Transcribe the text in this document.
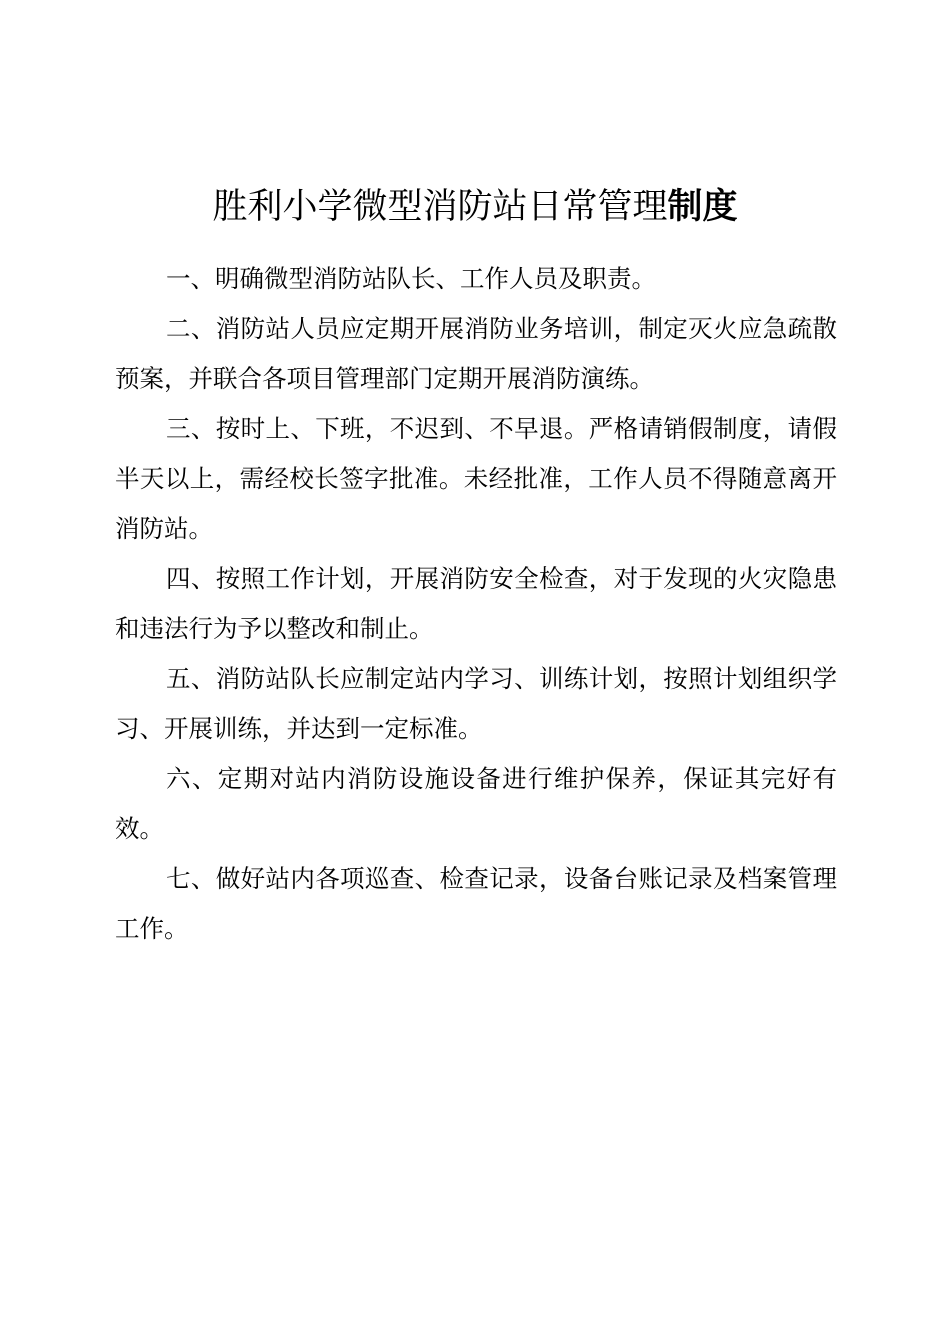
胜利小学微型消防站日常管理制度

一、明确微型消防站队长、工作人员及职责。

二、消防站人员应定期开展消防业务培训，制定灭火应急疏散预案，并联合各项目管理部门定期开展消防演练。

三、按时上、下班，不迟到、不早退。严格请销假制度，请假半天以上，需经校长签字批准。未经批准，工作人员不得随意离开消防站。

四、按照工作计划，开展消防安全检查，对于发现的火灾隐患和违法行为予以整改和制止。

五、消防站队长应制定站内学习、训练计划，按照计划组织学习、开展训练，并达到一定标准。

六、定期对站内消防设施设备进行维护保养，保证其完好有效。

七、做好站内各项巡查、检查记录，设备台账记录及档案管理工作。
